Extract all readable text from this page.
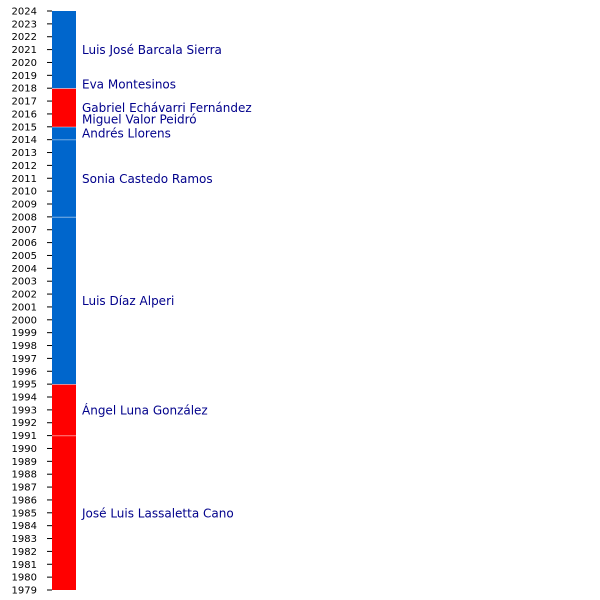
2024
2023
2022
2021
2020
2019
2018
2017
2016
2015
2014
2013
2012
2011
2010
2009
2008
2007
2006
2005
2004
2003
2002
2001
2000
1999
1998
1997
1996
1995
1994
1993
1992
1991
1990
1989
1988
1987
1986
1985
1984
1983
1982
1981
1980
1979
José Luis Lassaletta Cano
Ángel Luna González
Luis Díaz Alperi
Sonia Castedo Ramos
Andrés Llorens
Gabriel Echávarri Fernández
Eva Montesinos
Luis José Barcala Sierra
Miguel Valor Peidró
